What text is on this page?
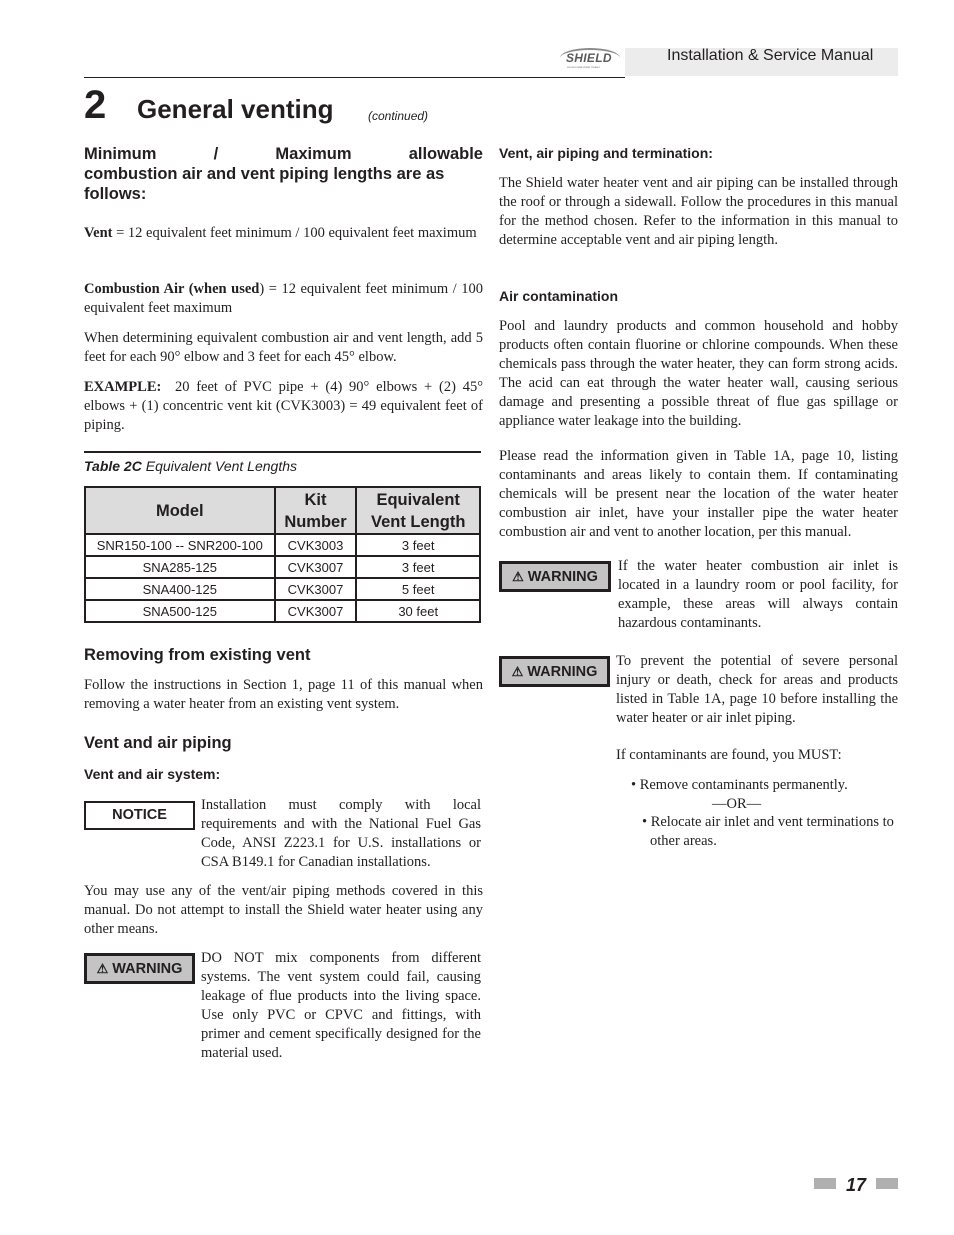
SHIELD
commercial water heater
Installation & Service Manual
2 General venting	(continued)
Minimum / Maximum allowable
combustion air and vent piping lengths are as follows:
Vent = 12 equivalent feet minimum / 100 equivalent feet maximum
Combustion Air (when used) = 12 equivalent feet minimum / 100 equivalent feet maximum
When determining equivalent combustion air and vent length, add 5 feet for each 90° elbow and 3 feet for each 45° elbow.
EXAMPLE: 20 feet of PVC pipe + (4) 90° elbows + (2) 45° elbows + (1) concentric vent kit (CVK3003) = 49 equivalent feet of piping.
Table 2C Equivalent Vent Lengths
Model	Kit Number	Equivalent Vent Length
SNR150-100 -- SNR200-100	CVK3003	3 feet
SNA285-125	CVK3007	3 feet
SNA400-125	CVK3007	5 feet
SNA500-125	CVK3007	30 feet
Removing from existing vent
Follow the instructions in Section 1, page 11 of this manual when removing a water heater from an existing vent system.
Vent and air piping
Vent and air system:
NOTICE
Installation must comply with local requirements and with the National Fuel Gas Code, ANSI Z223.1 for U.S. installations or CSA B149.1 for Canadian installations.
You may use any of the vent/air piping methods covered in this manual. Do not attempt to install the Shield water heater using any other means.
⚠ WARNING
DO NOT mix components from different systems. The vent system could fail, causing leakage of flue products into the living space. Use only PVC or CPVC and fittings, with primer and cement specifically designed for the material used.
Vent, air piping and termination:
The Shield water heater vent and air piping can be installed through the roof or through a sidewall. Follow the procedures in this manual for the method chosen. Refer to the information in this manual to determine acceptable vent and air piping length.
Air contamination
Pool and laundry products and common household and hobby products often contain fluorine or chlorine compounds. When these chemicals pass through the water heater, they can form strong acids. The acid can eat through the water heater wall, causing serious damage and presenting a possible threat of flue gas spillage or appliance water leakage into the building.
Please read the information given in Table 1A, page 10, listing contaminants and areas likely to contain them. If contaminating chemicals will be present near the location of the water heater combustion air inlet, have your installer pipe the water heater combustion air and vent to another location, per this manual.
⚠ WARNING
If the water heater combustion air inlet is located in a laundry room or pool facility, for example, these areas will always contain hazardous contaminants.
⚠ WARNING
To prevent the potential of severe personal injury or death, check for areas and products listed in Table 1A, page 10 before installing the water heater or air inlet piping.
If contaminants are found, you MUST:
• Remove contaminants permanently.
—OR—
• Relocate air inlet and vent terminations to other areas.
17
